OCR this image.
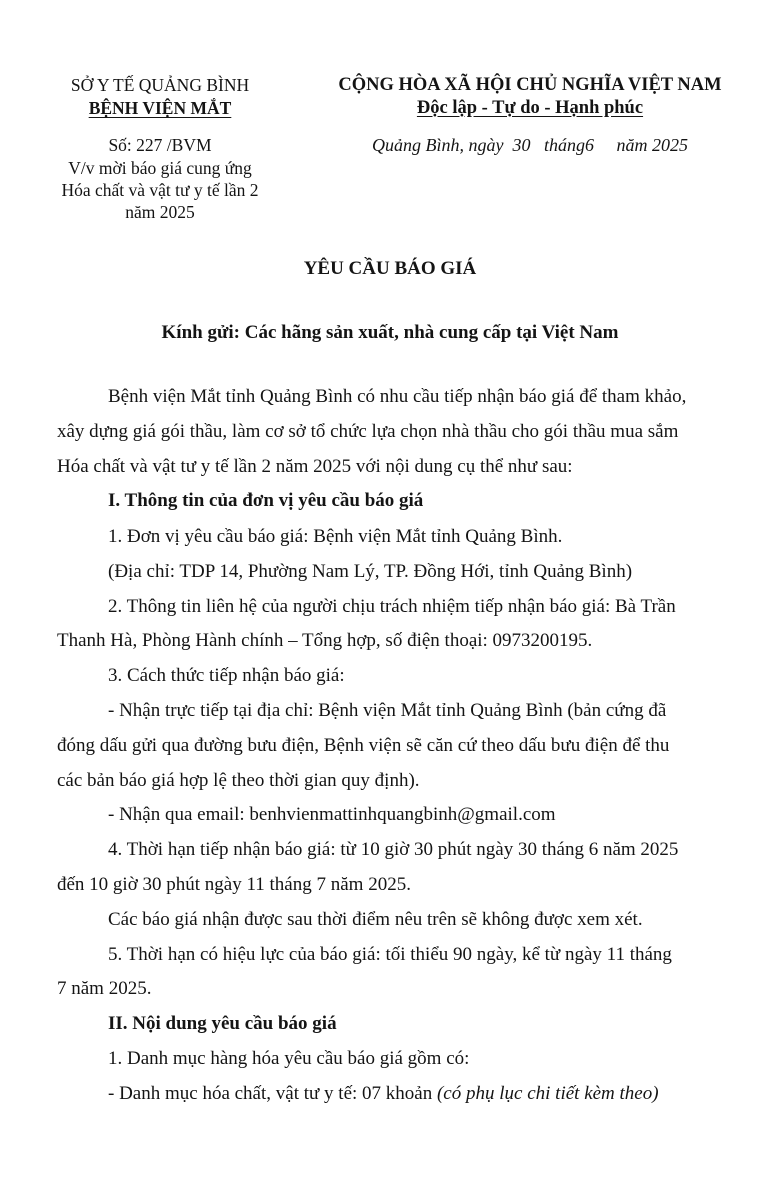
SỞ Y TẾ QUẢNG BÌNH
BỆNH VIỆN MẮT
Số: 227 /BVM
V/v mời báo giá cung ứng
Hóa chất và vật tư y tế lần 2
năm 2025
CỘNG HÒA XÃ HỘI CHỦ NGHĨA VIỆT NAM
Độc lập - Tự do - Hạnh phúc
Quảng Bình, ngày  30   tháng6     năm 2025
YÊU CẦU BÁO GIÁ
Kính gửi: Các hãng sản xuất, nhà cung cấp tại Việt Nam
Bệnh viện Mắt tỉnh Quảng Bình có nhu cầu tiếp nhận báo giá để tham khảo,
xây dựng giá gói thầu, làm cơ sở tổ chức lựa chọn nhà thầu cho gói thầu mua sắm
Hóa chất và vật tư y tế lần 2 năm 2025 với nội dung cụ thể như sau:
I. Thông tin của đơn vị yêu cầu báo giá
1. Đơn vị yêu cầu báo giá: Bệnh viện Mắt tỉnh Quảng Bình.
(Địa chỉ: TDP 14, Phường Nam Lý, TP. Đồng Hới, tỉnh Quảng Bình)
2. Thông tin liên hệ của người chịu trách nhiệm tiếp nhận báo giá: Bà Trần
Thanh Hà, Phòng Hành chính – Tổng hợp, số điện thoại: 0973200195.
3. Cách thức tiếp nhận báo giá:
- Nhận trực tiếp tại địa chỉ: Bệnh viện Mắt tỉnh Quảng Bình (bản cứng đã
đóng dấu gửi qua đường bưu điện, Bệnh viện sẽ căn cứ theo dấu bưu điện để thu
các bản báo giá hợp lệ theo thời gian quy định).
- Nhận qua email: benhvienmattinhquangbinh@gmail.com
4. Thời hạn tiếp nhận báo giá: từ 10 giờ 30 phút ngày 30 tháng 6 năm 2025
đến 10 giờ 30 phút ngày 11 tháng 7 năm 2025.
Các báo giá nhận được sau thời điểm nêu trên sẽ không được xem xét.
5. Thời hạn có hiệu lực của báo giá: tối thiểu 90 ngày, kể từ ngày 11 tháng
7 năm 2025.
II. Nội dung yêu cầu báo giá
1. Danh mục hàng hóa yêu cầu báo giá gồm có:
- Danh mục hóa chất, vật tư y tế: 07 khoản (có phụ lục chi tiết kèm theo)
